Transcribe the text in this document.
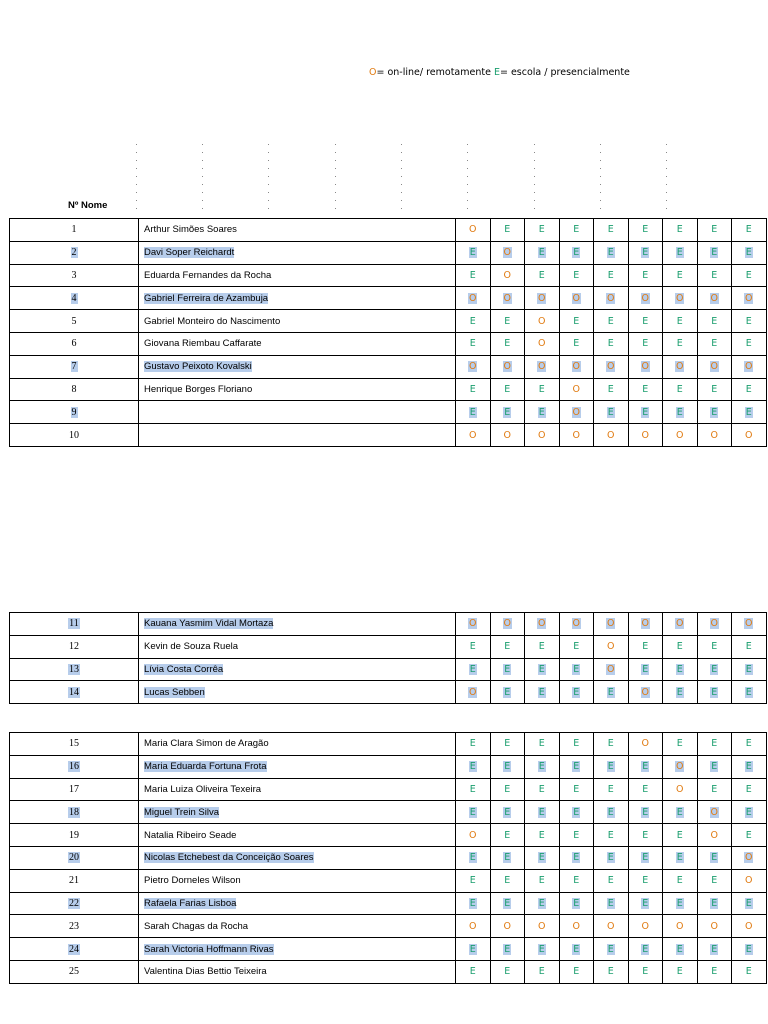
O= on-line/ remotamente E= escola / presencialmente
Nº Nome
1	Arthur Simões Soares	O	E	E	E	E	E	E	E	E
2	Davi Soper Reichardt	E	O	E	E	E	E	E	E	E
3	Eduarda Fernandes da Rocha	E	O	E	E	E	E	E	E	E
4	Gabriel Ferreira de Azambuja	O	O	O	O	O	O	O	O	O
5	Gabriel Monteiro do Nascimento	E	E	O	E	E	E	E	E	E
6	Giovana Riembau Caffarate	E	E	O	E	E	E	E	E	E
7	Gustavo Peixoto Kovalski	O	O	O	O	O	O	O	O	O
8	Henrique Borges Floriano	E	E	E	O	E	E	E	E	E
9		E	E	E	O	E	E	E	E	E
10		O	O	O	O	O	O	O	O	O
11	Kauana Yasmim Vidal Mortaza	O	O	O	O	O	O	O	O	O
12	Kevin de Souza Ruela	E	E	E	E	O	E	E	E	E
13	Lívia Costa Corrêa	E	E	E	E	O	E	E	E	E
14	Lucas Sebben	O	E	E	E	E	O	E	E	E
15	Maria Clara Simon de Aragão	E	E	E	E	E	O	E	E	E
16	Maria Eduarda Fortuna Frota	E	E	E	E	E	E	O	E	E
17	Maria Luiza Oliveira Texeira	E	E	E	E	E	E	O	E	E
18	Miguel Trein Silva	E	E	E	E	E	E	E	O	E
19	Natalia Ribeiro Seade	O	E	E	E	E	E	E	O	E
20	Nicolas Etchebest da Conceição Soares	E	E	E	E	E	E	E	E	O
21	Pietro Dorneles Wilson	E	E	E	E	E	E	E	E	O
22	Rafaela Farias Lisboa	E	E	E	E	E	E	E	E	E
23	Sarah Chagas da Rocha	O	O	O	O	O	O	O	O	O
24	Sarah Victoria Hoffmann Rivas	E	E	E	E	E	E	E	E	E
25	Valentina Dias Bettio Teixeira	E	E	E	E	E	E	E	E	E
